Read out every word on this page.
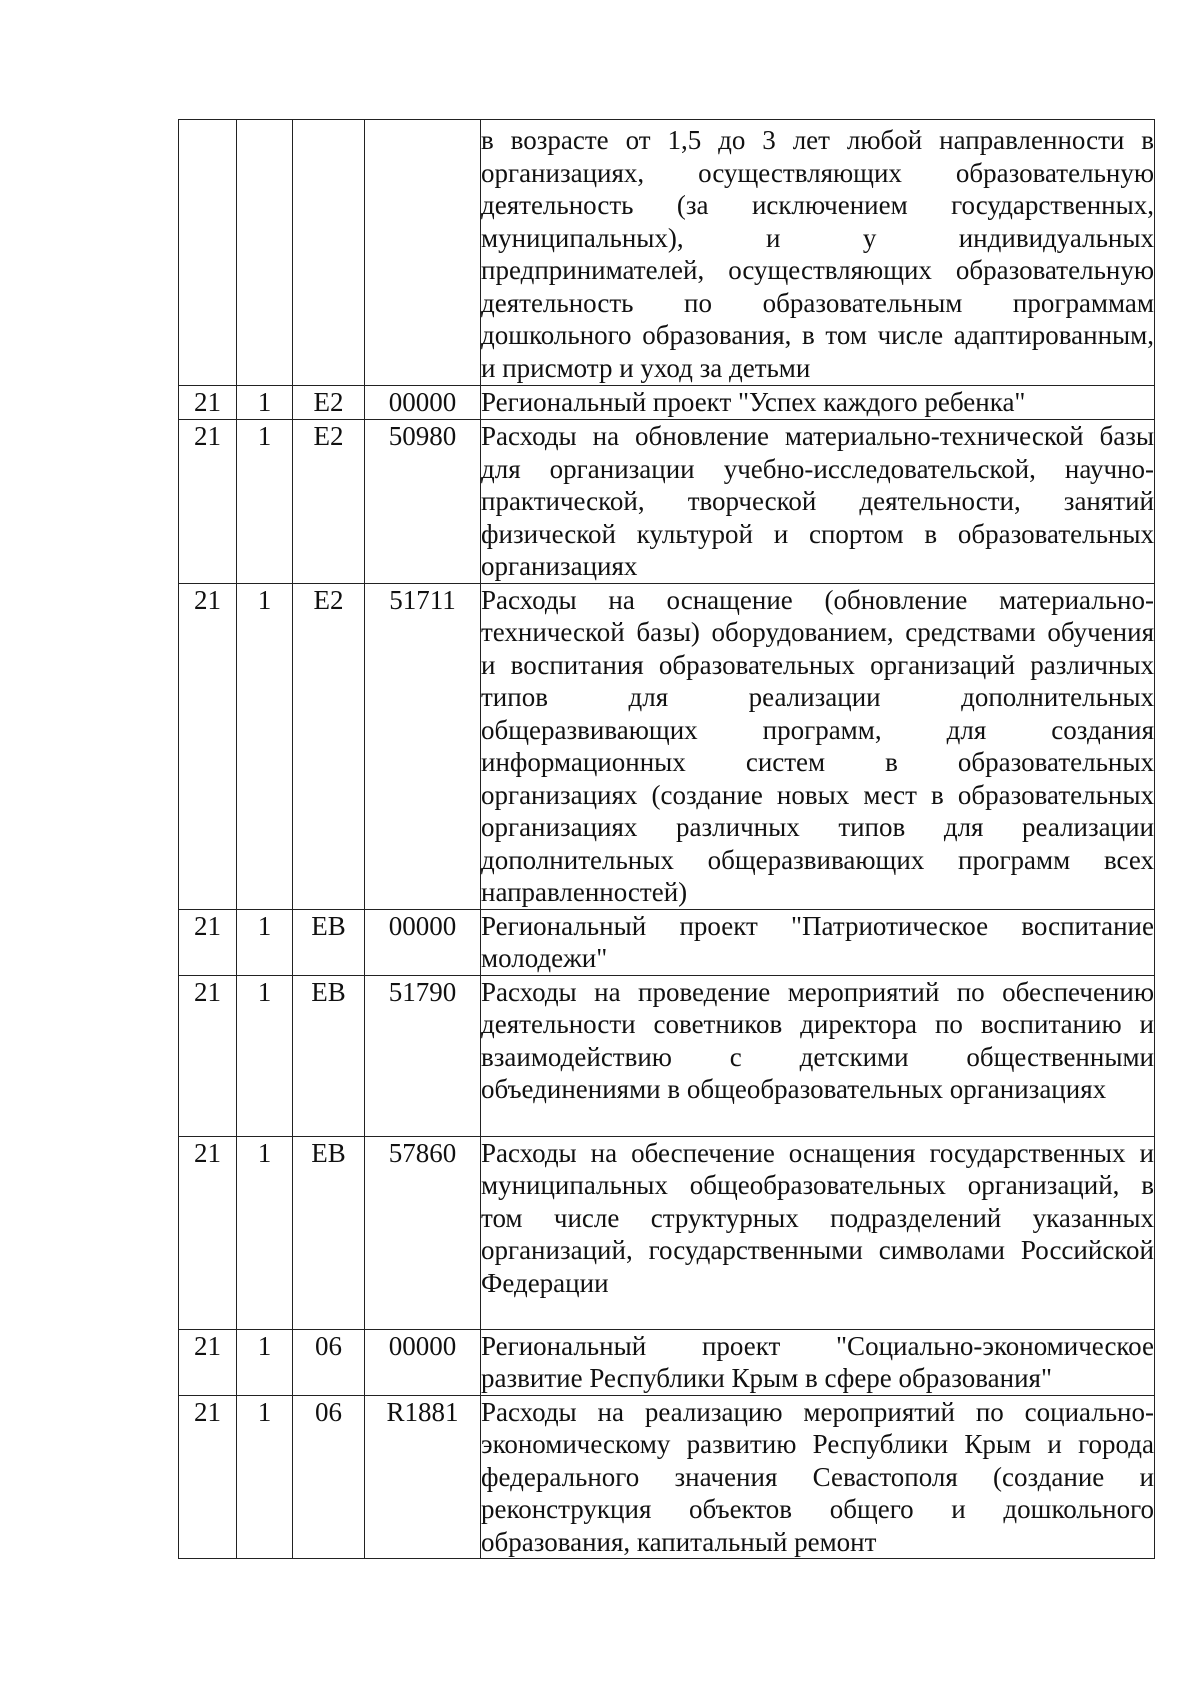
				в возрасте от 1,5 до 3 лет любой направленности в организациях, осуществляющих образовательную деятельность (за исключением государственных, муниципальных), и у индивидуальных предпринимателей, осуществляющих образовательную деятельность по образовательным программам дошкольного образования, в том числе адаптированным, и присмотр и уход за детьми
21	1	Е2	00000	Региональный проект "Успех каждого ребенка"
21	1	Е2	50980	Расходы на обновление материально-технической базы для организации учебно-исследовательской, научно-практической, творческой деятельности, занятий физической культурой и спортом в образовательных организациях
21	1	Е2	51711	Расходы на оснащение (обновление материально-технической базы) оборудованием, средствами обучения и воспитания образовательных организаций различных типов для реализации дополнительных общеразвивающих программ, для создания информационных систем в образовательных организациях (создание новых мест в образовательных организациях различных типов для реализации дополнительных общеразвивающих программ всех направленностей)
21	1	ЕВ	00000	Региональный проект "Патриотическое воспитание молодежи"
21	1	ЕВ	51790	Расходы на проведение мероприятий по обеспечению деятельности советников директора по воспитанию и взаимодействию с детскими общественными объединениями в общеобразовательных организациях
21	1	ЕВ	57860	Расходы на обеспечение оснащения государственных и муниципальных общеобразовательных организаций, в том числе структурных подразделений указанных организаций, государственными символами Российской Федерации
21	1	06	00000	Региональный проект "Социально-экономическое развитие Республики Крым в сфере образования"
21	1	06	R1881	Расходы на реализацию мероприятий по социально-экономическому развитию Республики Крым и города федерального значения Севастополя (создание и реконструкция объектов общего и дошкольного образования, капитальный ремонт
